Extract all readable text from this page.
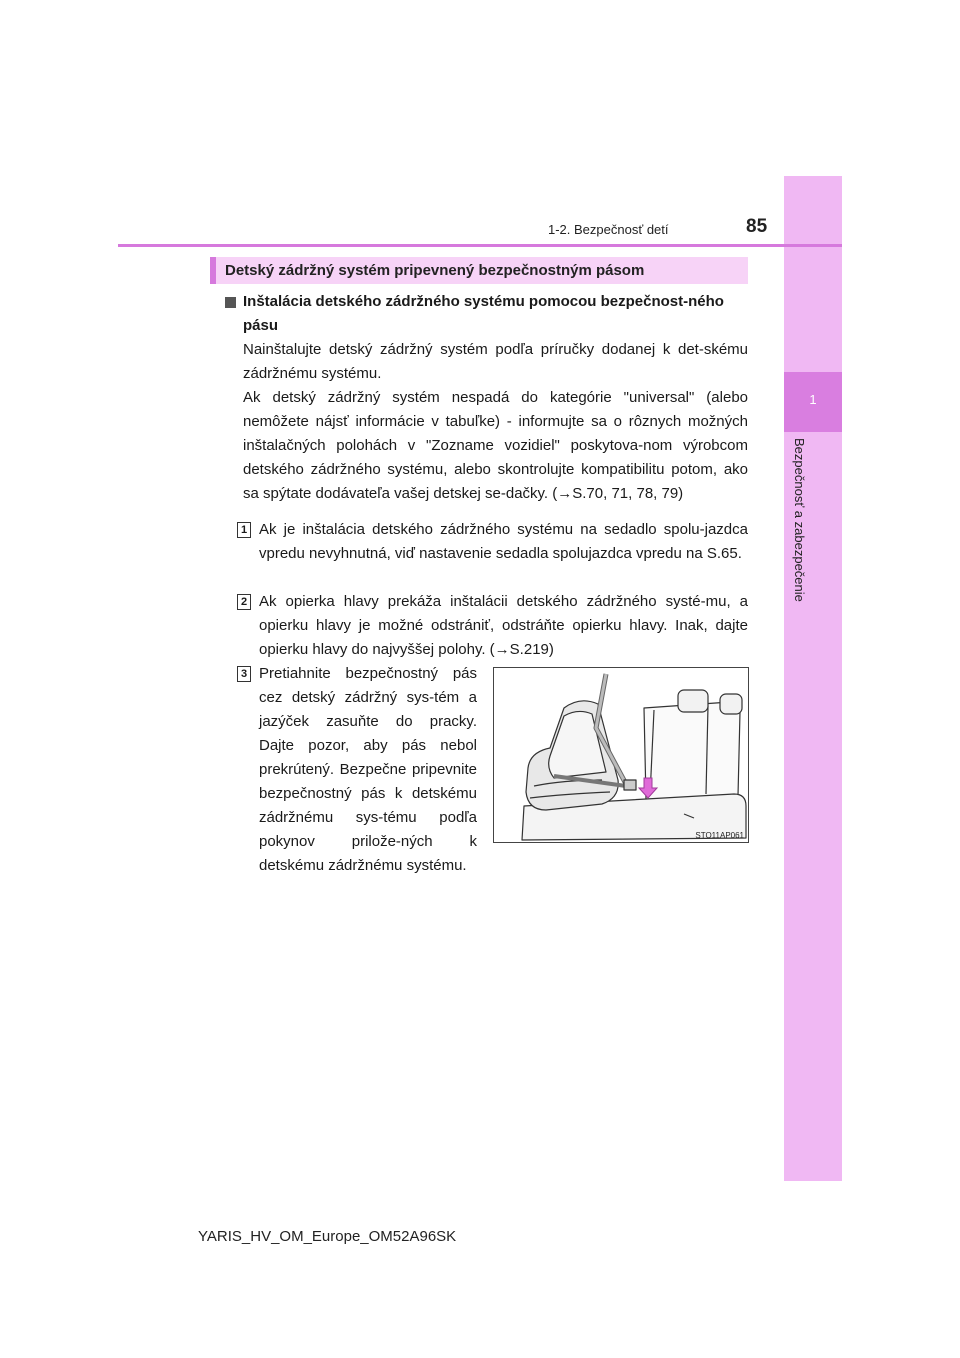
1
Bezpečnosť a zabezpečenie
1-2. Bezpečnosť detí	85
Detský zádržný systém pripevnený bezpečnostným pásom
Inštalácia detského zádržného systému pomocou bezpečnost-ného pásu

Nainštalujte detský zádržný systém podľa príručky dodanej k det-skému zádržnému systému.

Ak detský zádržný systém nespadá do kategórie "universal" (alebo nemôžete nájsť informácie v tabuľke) - informujte sa o rôznych možných inštalačných polohách v "Zozname vozidiel" poskytova-nom výrobcom detského zádržného systému, alebo skontrolujte kompatibilitu potom, ako sa spýtate dodávateľa vašej detskej se-dačky. (→S.70, 71, 78, 79)

1 Ak je inštalácia detského zádržného systému na sedadlo spolu-jazdca vpredu nevyhnutná, viď nastavenie sedadla spolujazdca vpredu na S.65.

2 Ak opierka hlavy prekáža inštalácii detského zádržného systé-mu, a opierku hlavy je možné odstrániť, odstráňte opierku hlavy. Inak, dajte opierku hlavy do najvyššej polohy. (→S.219)

3 Pretiahnite bezpečnostný pás cez detský zádržný sys-tém a jazýček zasuňte do pracky. Dajte pozor, aby pás nebol prekrútený. Bezpečne pripevnite bezpečnostný pás k detskému zádržnému sys-tému podľa pokynov prilože-ných k detskému zádržnému systému.

STO11AP061
YARIS_HV_OM_Europe_OM52A96SK
